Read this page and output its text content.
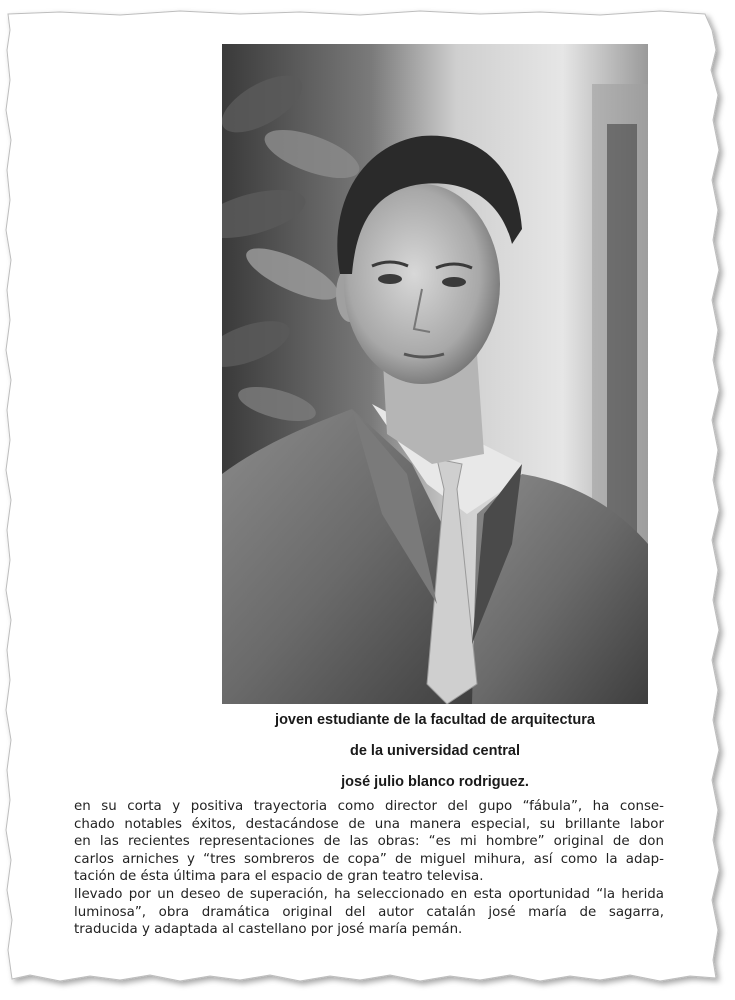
joven estudiante de la facultad de arquitectura
de la universidad central
josé julio blanco rodriguez.
en su corta y positiva trayectoria como director del gupo “fábula”, ha conse-
chado notables éxitos, destacándose de una manera especial, su brillante labor
en las recientes representaciones de las obras: “es mi hombre” original de don
carlos arniches y “tres sombreros de copa” de miguel mihura, así como la adap-
tación de ésta última para el espacio de gran teatro televisa.
llevado por un deseo de superación, ha seleccionado en esta oportunidad “la herida
luminosa”, obra dramática original del autor catalán josé maría de sagarra,
traducida y adaptada al castellano por josé maría pemán.
